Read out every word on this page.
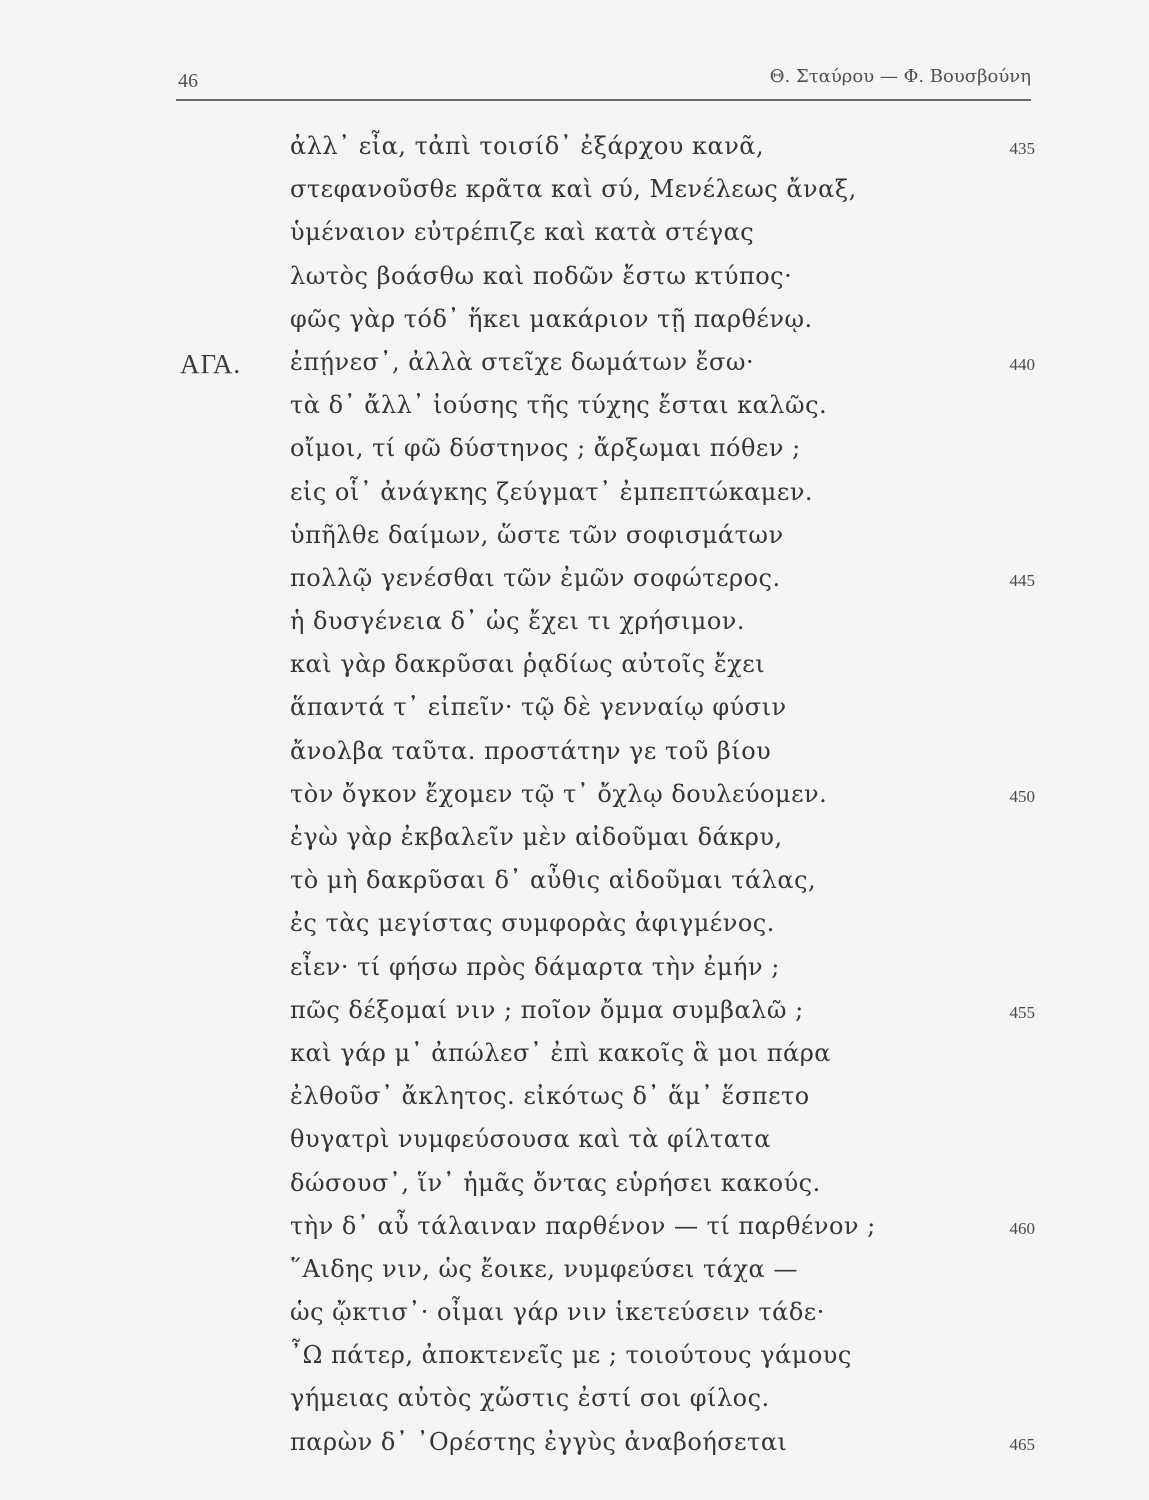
46	Θ. Σταύρου — Φ. Βουσβούνη
ἀλλ᾽ εἶα, τἀπὶ τοισίδ᾽ ἐξάρχου κανᾶ,	435
στεφανοῦσθε κρᾶτα καὶ σύ, Μενέλεως ἄναξ,
ὑμέναιον εὐτρέπιζε καὶ κατὰ στέγας
λωτὸς βοάσθω καὶ ποδῶν ἔστω κτύπος·
φῶς γὰρ τόδ᾽ ἥκει μακάριον τῇ παρθένῳ.
ΑΓΑ. ἐπῄνεσ᾽, ἀλλὰ στεῖχε δωμάτων ἔσω·	440
τὰ δ᾽ ἄλλ᾽ ἰούσης τῆς τύχης ἔσται καλῶς.
οἴμοι, τί φῶ δύστηνος ; ἄρξωμαι πόθεν ;
εἰς οἷ᾽ ἀνάγκης ζεύγματ᾽ ἐμπεπτώκαμεν.
ὑπῆλθε δαίμων, ὥστε τῶν σοφισμάτων
πολλῷ γενέσθαι τῶν ἐμῶν σοφώτερος.	445
ἡ δυσγένεια δ᾽ ὡς ἔχει τι χρήσιμον.
καὶ γὰρ δακρῦσαι ῥᾳδίως αὐτοῖς ἔχει
ἅπαντά τ᾽ εἰπεῖν· τῷ δὲ γενναίῳ φύσιν
ἄνολβα ταῦτα. προστάτην γε τοῦ βίου
τὸν ὄγκον ἔχομεν τῷ τ᾽ ὄχλῳ δουλεύομεν.	450
ἐγὼ γὰρ ἐκβαλεῖν μὲν αἰδοῦμαι δάκρυ,
τὸ μὴ δακρῦσαι δ᾽ αὖθις αἰδοῦμαι τάλας,
ἐς τὰς μεγίστας συμφορὰς ἀφιγμένος.
εἶεν· τί φήσω πρὸς δάμαρτα τὴν ἐμήν ;
πῶς δέξομαί νιν ; ποῖον ὄμμα συμβαλῶ ;	455
καὶ γάρ μ᾽ ἀπώλεσ᾽ ἐπὶ κακοῖς ἃ μοι πάρα
ἐλθοῦσ᾽ ἄκλητος. εἰκότως δ᾽ ἅμ᾽ ἕσπετο
θυγατρὶ νυμφεύσουσα καὶ τὰ φίλτατα
δώσουσ᾽, ἵν᾽ ἡμᾶς ὄντας εὑρήσει κακούς.
τὴν δ᾽ αὖ τάλαιναν παρθένον — τί παρθένον ;	460
῞Αιδης νιν, ὡς ἔοικε, νυμφεύσει τάχα —
ὡς ᾤκτισ᾽· οἶμαι γάρ νιν ἱκετεύσειν τάδε·
῏Ω πάτερ, ἀποκτενεῖς με ; τοιούτους γάμους
γήμειας αὐτὸς χὥστις ἐστί σοι φίλος.
παρὼν δ᾽ ᾽Ορέστης ἐγγὺς ἀναβοήσεται	465
